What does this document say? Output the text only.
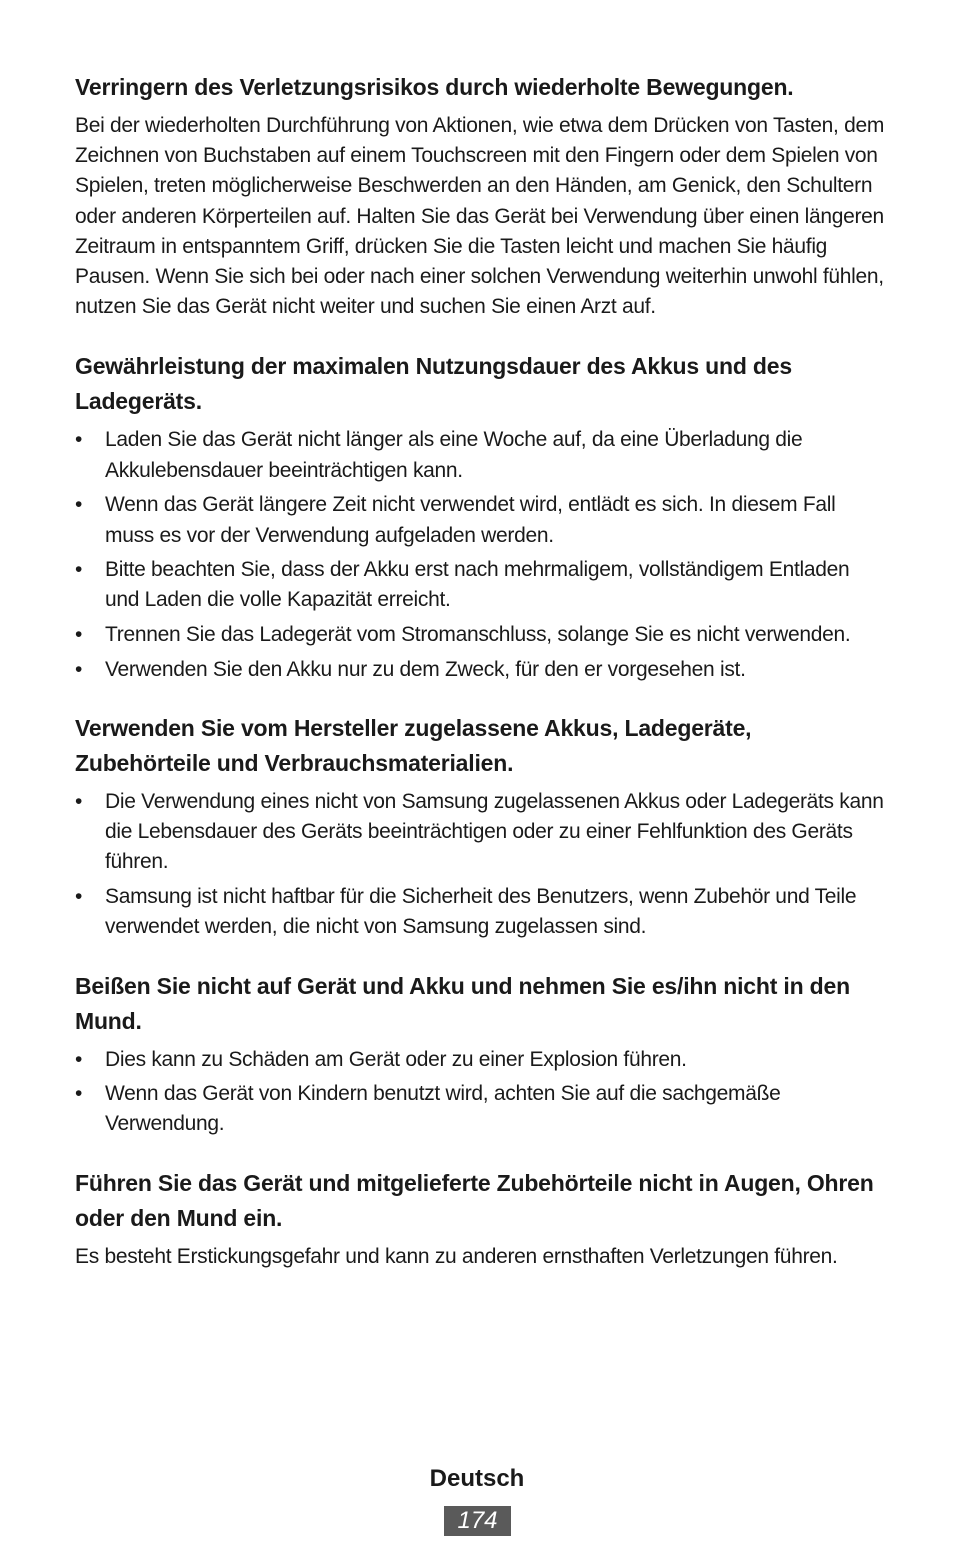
Verringern des Verletzungsrisikos durch wiederholte Bewegungen.

Bei der wiederholten Durchführung von Aktionen, wie etwa dem Drücken von Tasten, dem Zeichnen von Buchstaben auf einem Touchscreen mit den Fingern oder dem Spielen von Spielen, treten möglicherweise Beschwerden an den Händen, am Genick, den Schultern oder anderen Körperteilen auf. Halten Sie das Gerät bei Verwendung über einen längeren Zeitraum in entspanntem Griff, drücken Sie die Tasten leicht und machen Sie häufig Pausen. Wenn Sie sich bei oder nach einer solchen Verwendung weiterhin unwohl fühlen, nutzen Sie das Gerät nicht weiter und suchen Sie einen Arzt auf.

Gewährleistung der maximalen Nutzungsdauer des Akkus und des Ladegeräts.
• Laden Sie das Gerät nicht länger als eine Woche auf, da eine Überladung die Akkulebensdauer beeinträchtigen kann.
• Wenn das Gerät längere Zeit nicht verwendet wird, entlädt es sich. In diesem Fall muss es vor der Verwendung aufgeladen werden.
• Bitte beachten Sie, dass der Akku erst nach mehrmaligem, vollständigem Entladen und Laden die volle Kapazität erreicht.
• Trennen Sie das Ladegerät vom Stromanschluss, solange Sie es nicht verwenden.
• Verwenden Sie den Akku nur zu dem Zweck, für den er vorgesehen ist.
Verwenden Sie vom Hersteller zugelassene Akkus, Ladegeräte, Zubehörteile und Verbrauchsmaterialien.
• Die Verwendung eines nicht von Samsung zugelassenen Akkus oder Ladegeräts kann die Lebensdauer des Geräts beeinträchtigen oder zu einer Fehlfunktion des Geräts führen.
• Samsung ist nicht haftbar für die Sicherheit des Benutzers, wenn Zubehör und Teile verwendet werden, die nicht von Samsung zugelassen sind.
Beißen Sie nicht auf Gerät und Akku und nehmen Sie es/ihn nicht in den Mund.
• Dies kann zu Schäden am Gerät oder zu einer Explosion führen.
• Wenn das Gerät von Kindern benutzt wird, achten Sie auf die sachgemäße Verwendung.
Führen Sie das Gerät und mitgelieferte Zubehörteile nicht in Augen, Ohren oder den Mund ein.

Es besteht Erstickungsgefahr und kann zu anderen ernsthaften Verletzungen führen.

Deutsch
174
